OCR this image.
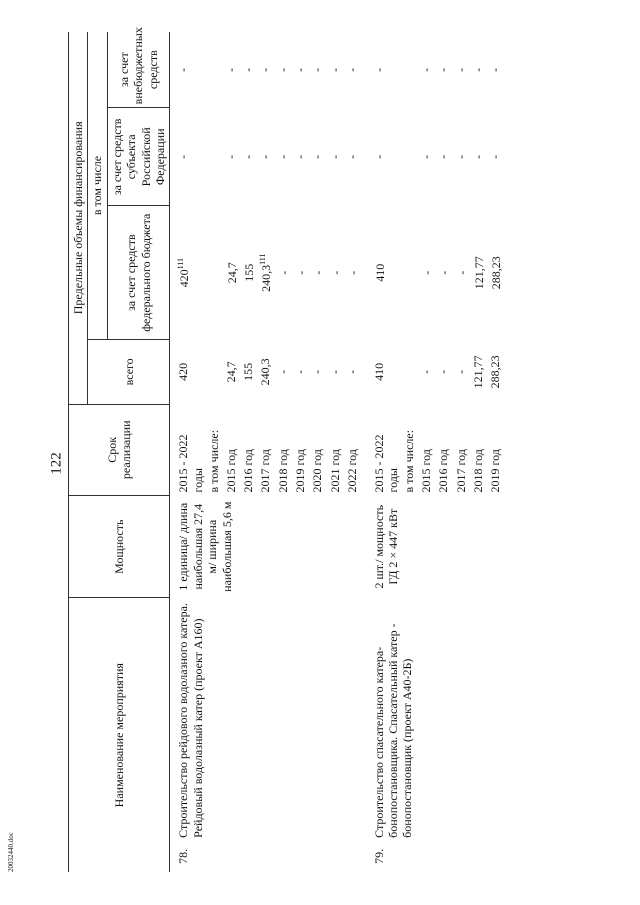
122
20032440.doc
Наименование мероприятия		Мощность	Срок реализации	Предельные объемы финансирования			
				всего	в том числе		
					за счет средств федерального бюджета	за счет средств субъекта Российской Федерации	за счет внебюджетных средств
78.	Строительство рейдового водолазного катера. Рейдовый водолазный катер (проект А160)	1 единица/ длина наибольшая 27,4 м/ ширина наибольшая 5,6 м	2015 - 2022 годы	420	$420^{111}$	-	-
			в том числе:				
			2015 год	24,7	24,7	-	-
			2016 год	155	155	-	-
			2017 год	240,3	240,3$^{111}$	-	-
			2018 год	-	-	-	-
			2019 год	-	-	-	-
			2020 год	-	-	-	-
			2021 год	-	-	-	-
			2022 год	-	-	-	-

79.	Строительство спасательного катера-бонопостановщика. Спасательный катер - бонопостановщик (проект А40-2Б)	2 шт./ мощность ГД 2 × 447 кВт	2015 - 2022 годы	410	410	-	-
			в том числе:				
			2015 год	-	-	-	-
			2016 год	-	-	-	-
			2017 год	-	-	-	-
			2018 год	121,77	121,77	-	-
			2019 год	288,23	288,23	-	-
